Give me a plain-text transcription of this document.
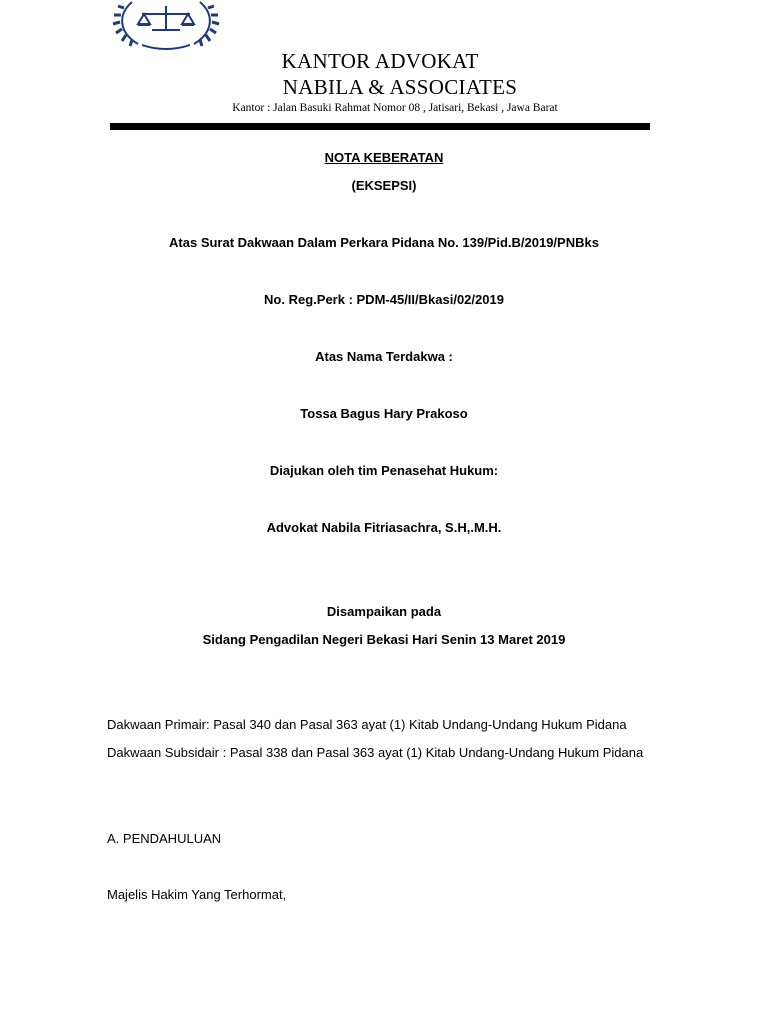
KANTOR ADVOKAT
NABILA & ASSOCIATES
Kantor : Jalan Basuki Rahmat Nomor 08 , Jatisari, Bekasi , Jawa Barat
NOTA KEBERATAN
(EKSEPSI)
Atas Surat Dakwaan Dalam Perkara Pidana No. 139/Pid.B/2019/PNBks
No. Reg.Perk : PDM-45/II/Bkasi/02/2019
Atas Nama Terdakwa :
Tossa Bagus Hary Prakoso
Diajukan oleh tim Penasehat Hukum:
Advokat Nabila Fitriasachra, S.H,.M.H.
Disampaikan pada
Sidang Pengadilan Negeri Bekasi Hari Senin 13 Maret 2019
Dakwaan Primair: Pasal 340 dan Pasal 363 ayat (1) Kitab Undang-Undang Hukum Pidana
Dakwaan Subsidair : Pasal 338 dan Pasal 363 ayat (1) Kitab Undang-Undang Hukum Pidana
A. PENDAHULUAN
Majelis Hakim Yang Terhormat,
